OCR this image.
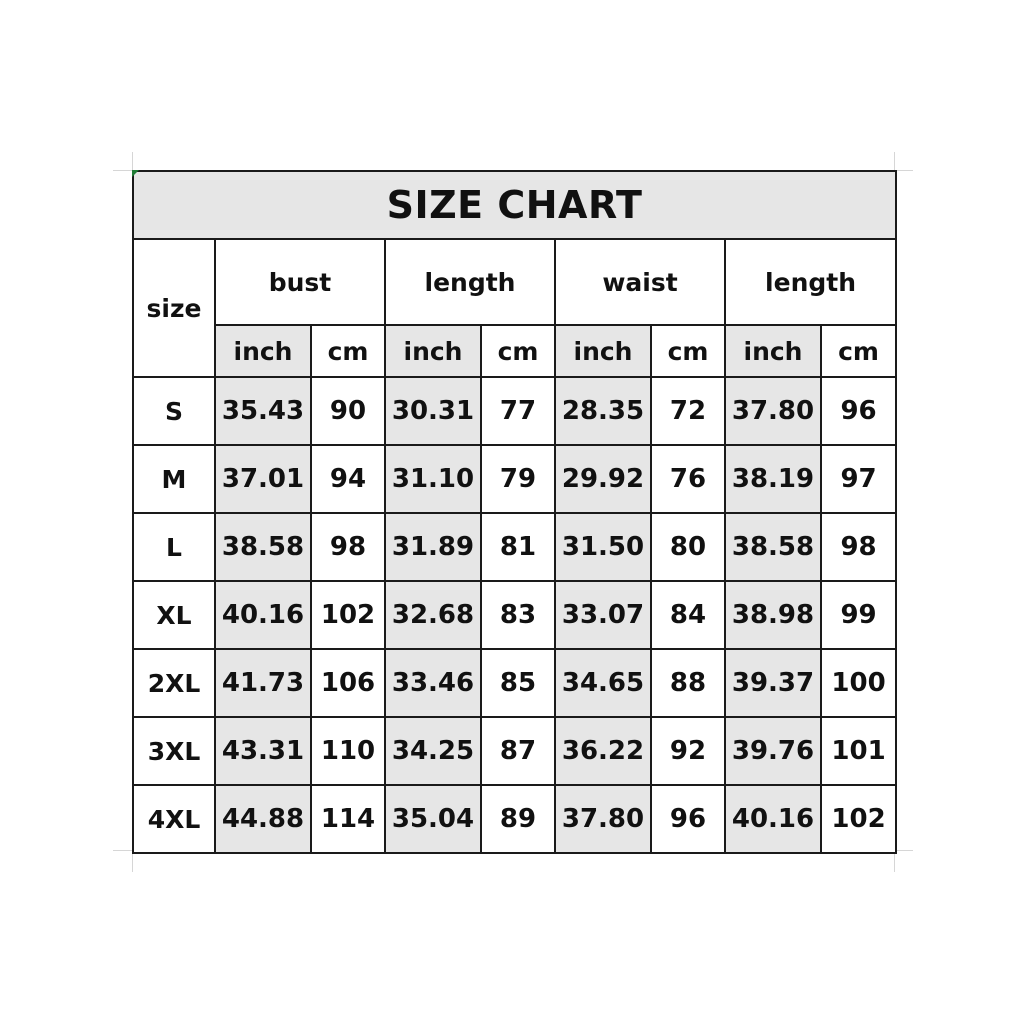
SIZE CHART								
size	bust		length		waist		length	
	inch	cm	inch	cm	inch	cm	inch	cm
S	35.43	90	30.31	77	28.35	72	37.80	96
M	37.01	94	31.10	79	29.92	76	38.19	97
L	38.58	98	31.89	81	31.50	80	38.58	98
XL	40.16	102	32.68	83	33.07	84	38.98	99
2XL	41.73	106	33.46	85	34.65	88	39.37	100
3XL	43.31	110	34.25	87	36.22	92	39.76	101
4XL	44.88	114	35.04	89	37.80	96	40.16	102
